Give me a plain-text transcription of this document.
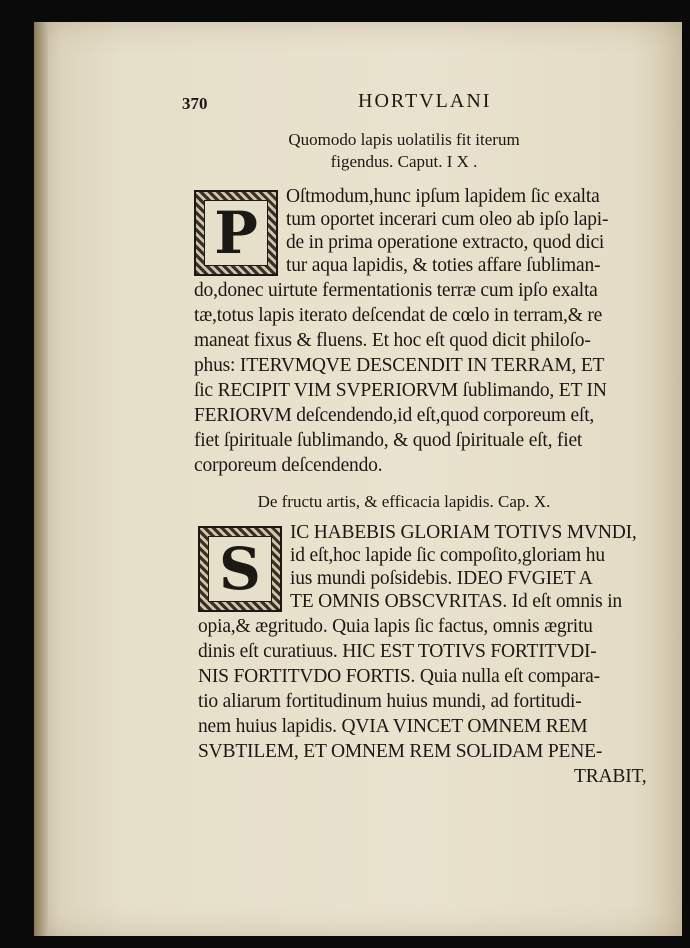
370	HORTVLANI
Quomodo lapis uolatilis fit iterum
figendus. Caput. I X .
P
Oſtmodum,hunc ipſum lapidem ſic exalta
tum oportet incerari cum oleo ab ipſo lapi-
de in prima operatione extracto, quod dici
tur aqua lapidis, & toties affare ſubliman-
do,donec uirtute fermentationis terræ cum ipſo exalta
tæ,totus lapis iterato deſcendat de cœlo in terram,& re
maneat fixus & fluens. Et hoc eſt quod dicit philoſo-
phus: ITERVMQVE DESCENDIT IN TERRAM, ET
ſic RECIPIT VIM SVPERIORVM ſublimando, ET IN
FERIORVM deſcendendo,id eſt,quod corporeum eſt,
fiet ſpirituale ſublimando, & quod ſpirituale eſt, fiet
corporeum deſcendendo.
De fructu artis, & efficacia lapidis. Cap. X.
S
IC HABEBIS GLORIAM TOTIVS MVNDI,
id eſt,hoc lapide ſic compoſito,gloriam hu
ius mundi poſsidebis. IDEO FVGIET A
TE OMNIS OBSCVRITAS. Id eſt omnis in
opia,& ægritudo. Quia lapis ſic factus, omnis ægritu
dinis eſt curatiuus. HIC EST TOTIVS FORTITVDI-
NIS FORTITVDO FORTIS. Quia nulla eſt compara-
tio aliarum fortitudinum huius mundi, ad fortitudi-
nem huius lapidis. QVIA VINCET OMNEM REM
SVBTILEM, ET OMNEM REM SOLIDAM PENE-
TRABIT,
